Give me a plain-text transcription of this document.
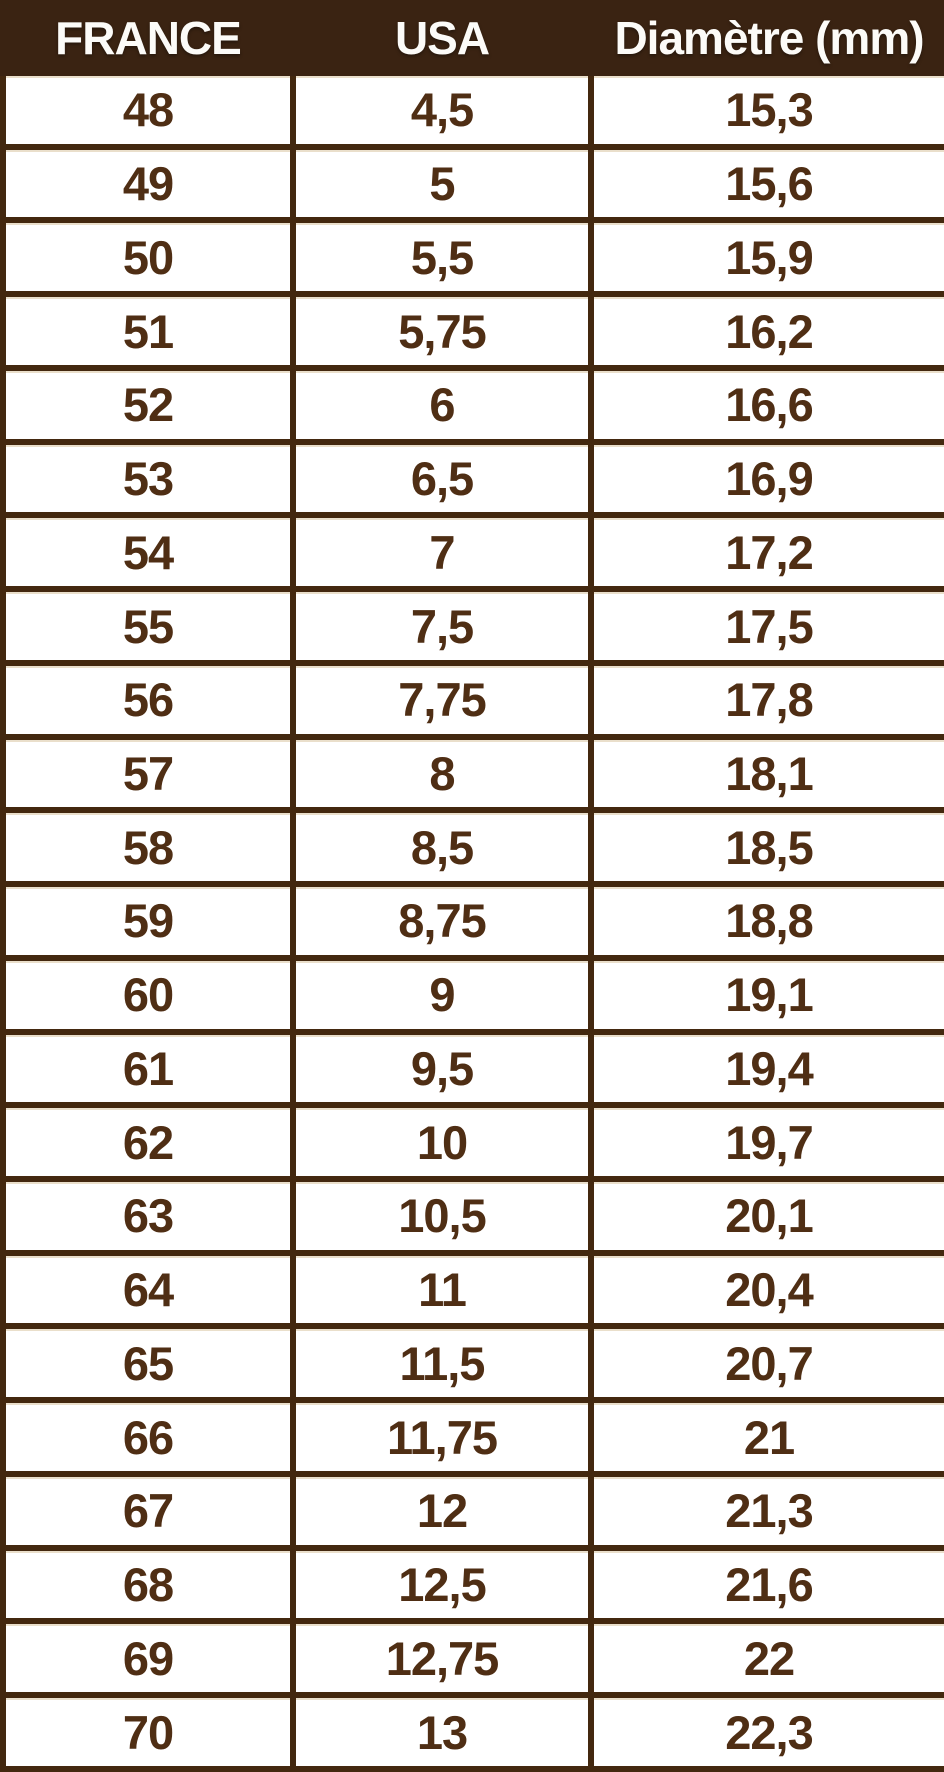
FRANCE	USA	Diamètre (mm)
48	4,5	15,3
49	5	15,6
50	5,5	15,9
51	5,75	16,2
52	6	16,6
53	6,5	16,9
54	7	17,2
55	7,5	17,5
56	7,75	17,8
57	8	18,1
58	8,5	18,5
59	8,75	18,8
60	9	19,1
61	9,5	19,4
62	10	19,7
63	10,5	20,1
64	11	20,4
65	11,5	20,7
66	11,75	21
67	12	21,3
68	12,5	21,6
69	12,75	22
70	13	22,3
